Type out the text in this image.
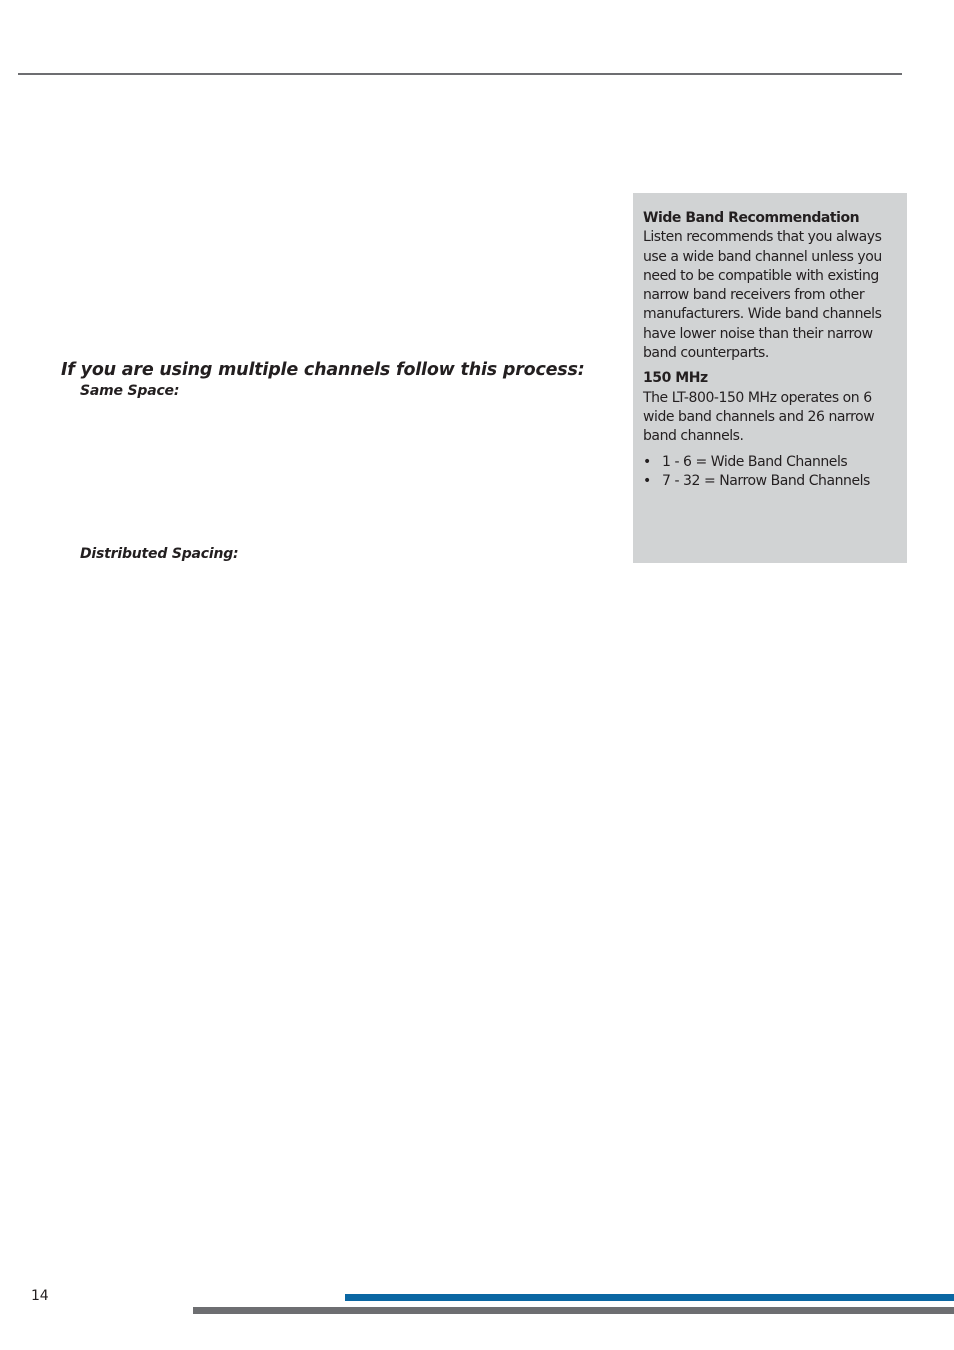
If you are using multiple channels follow this process:
Same Space:
Distributed Spacing:

Wide Band Recommendation

Listen recommends that you always use a wide band channel unless you need to be compatible with existing narrow band receivers from other manufacturers. Wide band channels have lower noise than their narrow band counterparts.

150 MHz

The LT-800-150 MHz operates on 6 wide band channels and 26 narrow band channels.

• 1 - 6 = Wide Band Channels
• 7 - 32 = Narrow Band Channels
14
